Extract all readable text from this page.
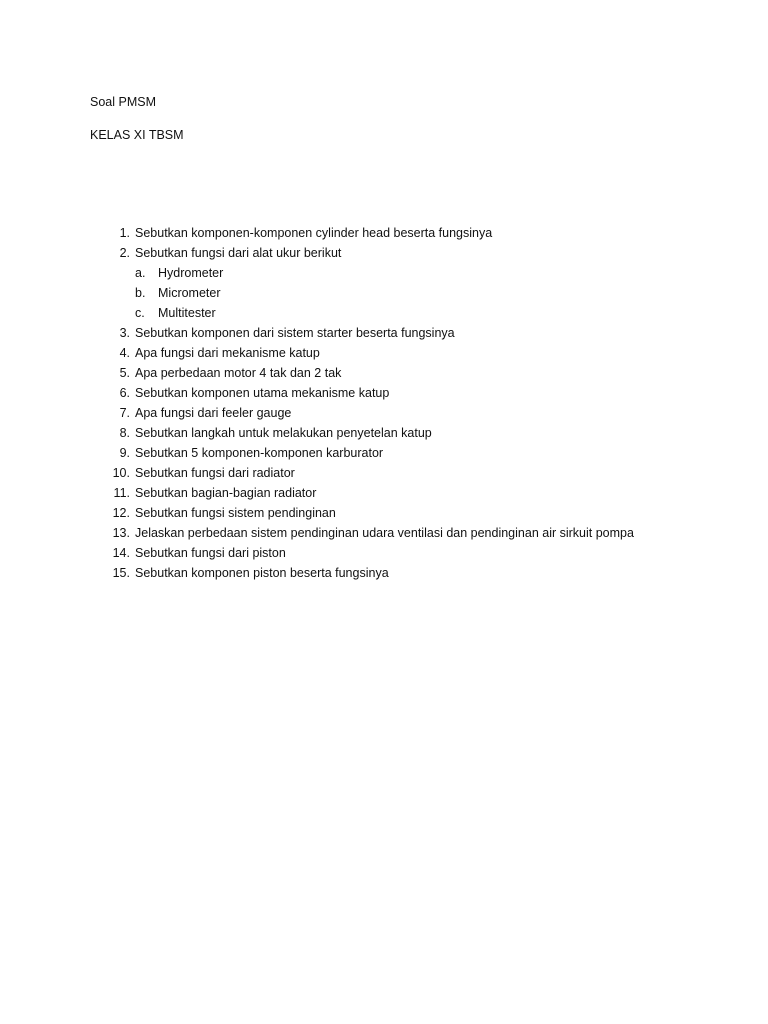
Soal PMSM
KELAS XI TBSM
1. Sebutkan komponen-komponen cylinder head beserta fungsinya
2. Sebutkan fungsi dari alat ukur berikut
a. Hydrometer
b. Micrometer
c. Multitester
3. Sebutkan komponen dari sistem starter beserta fungsinya
4. Apa fungsi dari mekanisme katup
5. Apa perbedaan motor 4 tak dan 2 tak
6. Sebutkan komponen utama mekanisme katup
7. Apa fungsi dari feeler gauge
8. Sebutkan langkah untuk melakukan penyetelan katup
9. Sebutkan 5 komponen-komponen karburator
10. Sebutkan fungsi dari radiator
11. Sebutkan bagian-bagian radiator
12. Sebutkan fungsi sistem pendinginan
13. Jelaskan perbedaan sistem pendinginan udara ventilasi dan pendinginan air sirkuit pompa
14. Sebutkan fungsi dari piston
15. Sebutkan komponen piston beserta fungsinya
